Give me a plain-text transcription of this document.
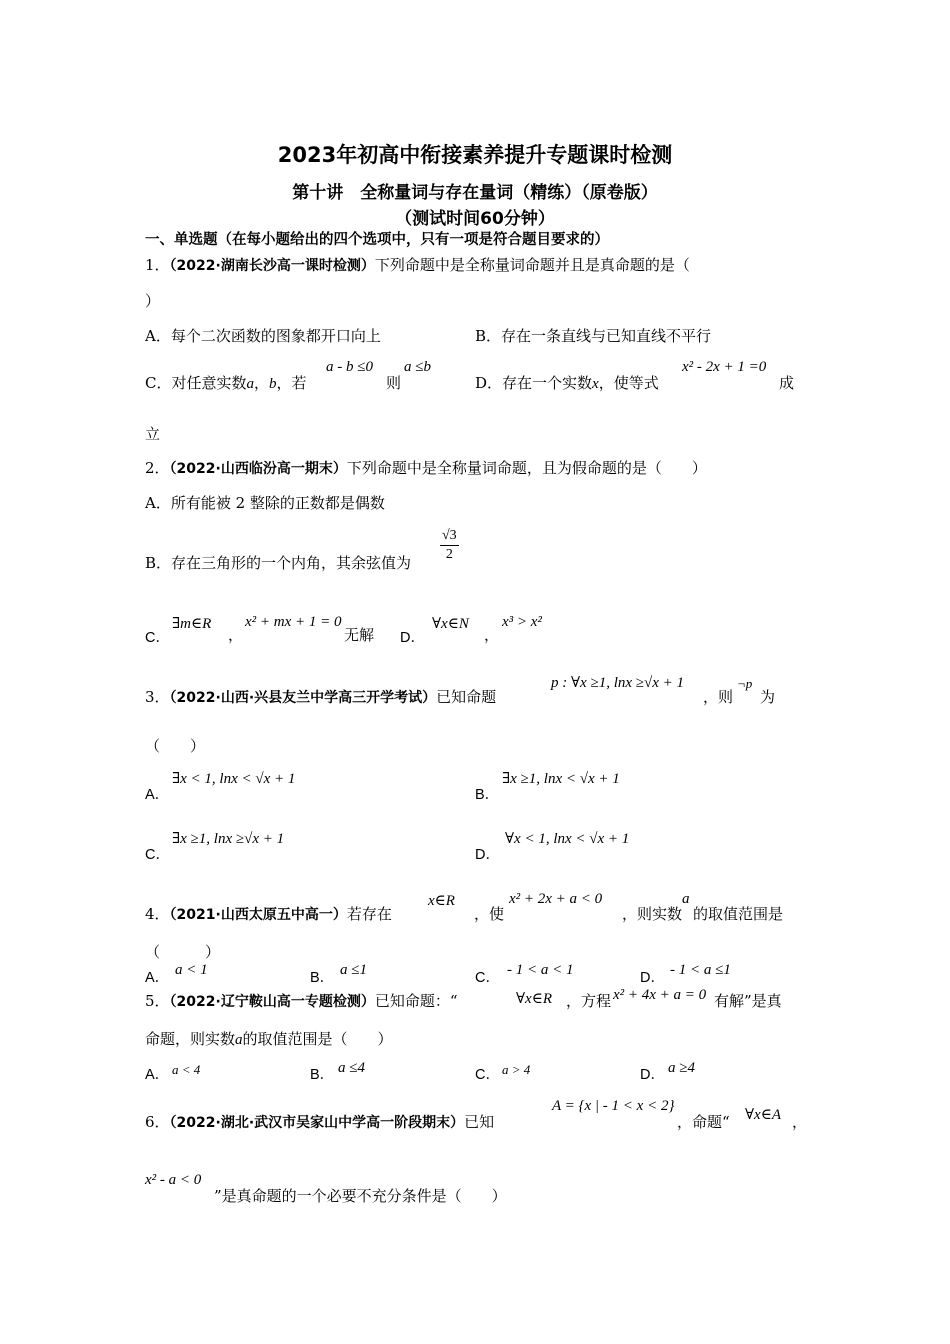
2023年初高中衔接素养提升专题课时检测
第十讲　全称量词与存在量词（精练）（原卷版）
（测试时间60分钟）
一、单选题（在每小题给出的四个选项中，只有一项是符合题目要求的）
1．（2022·湖南长沙高一课时检测）下列命题中是全称量词命题并且是真命题的是（
）
A．每个二次函数的图象都开口向上	B．存在一条直线与已知直线不平行
C．对任意实数a，b，若
a - b ≤0
则
a ≤b
D．存在一个实数x，使等式
x² - 2x + 1 =0
成
立
2．（2022·山西临汾高一期末）下列命题中是全称量词命题，且为假命题的是（　　）
A．所有能被 2 整除的正数都是偶数
B．存在三角形的一个内角，其余弦值为 $\frac{√3}{2}$
C．
∃m∈R
，
x² + mx + 1 = 0
无解 D．
∀x∈N
，
x³ > x²
3．（2022·山西·兴县友兰中学高三开学考试）已知命题
p : ∀x ≥1, lnx ≥√x + 1
，则
¬p
为
（　　）
A．
∃x < 1, lnx < √x + 1
B．
∃x ≥1, lnx < √x + 1
C．
∃x ≥1, lnx ≥√x + 1
D．
∀x < 1, lnx < √x + 1
4．（2021·山西太原五中高一）若存在
x∈R
，使
x² + 2x + a < 0
，则实数
a
的取值范围是
（　　　）
A． a < 1	B． a ≤1	C． - 1 < a < 1	D． - 1 < a ≤1
5．（2022·辽宁鞍山高一专题检测）已知命题：“	∀x∈R ，方程 x² + 4x + a = 0 有解”是真
命题，则实数a的取值范围是（　　）
A． a < 4	B． a ≤4	C． a > 4	D． a ≥4
6．（2022·湖北·武汉市吴家山中学高一阶段期末）已知
A = {x | - 1 < x < 2}
，命题“ ∀x∈A ，
x² - a < 0
”是真命题的一个必要不充分条件是（　　）
